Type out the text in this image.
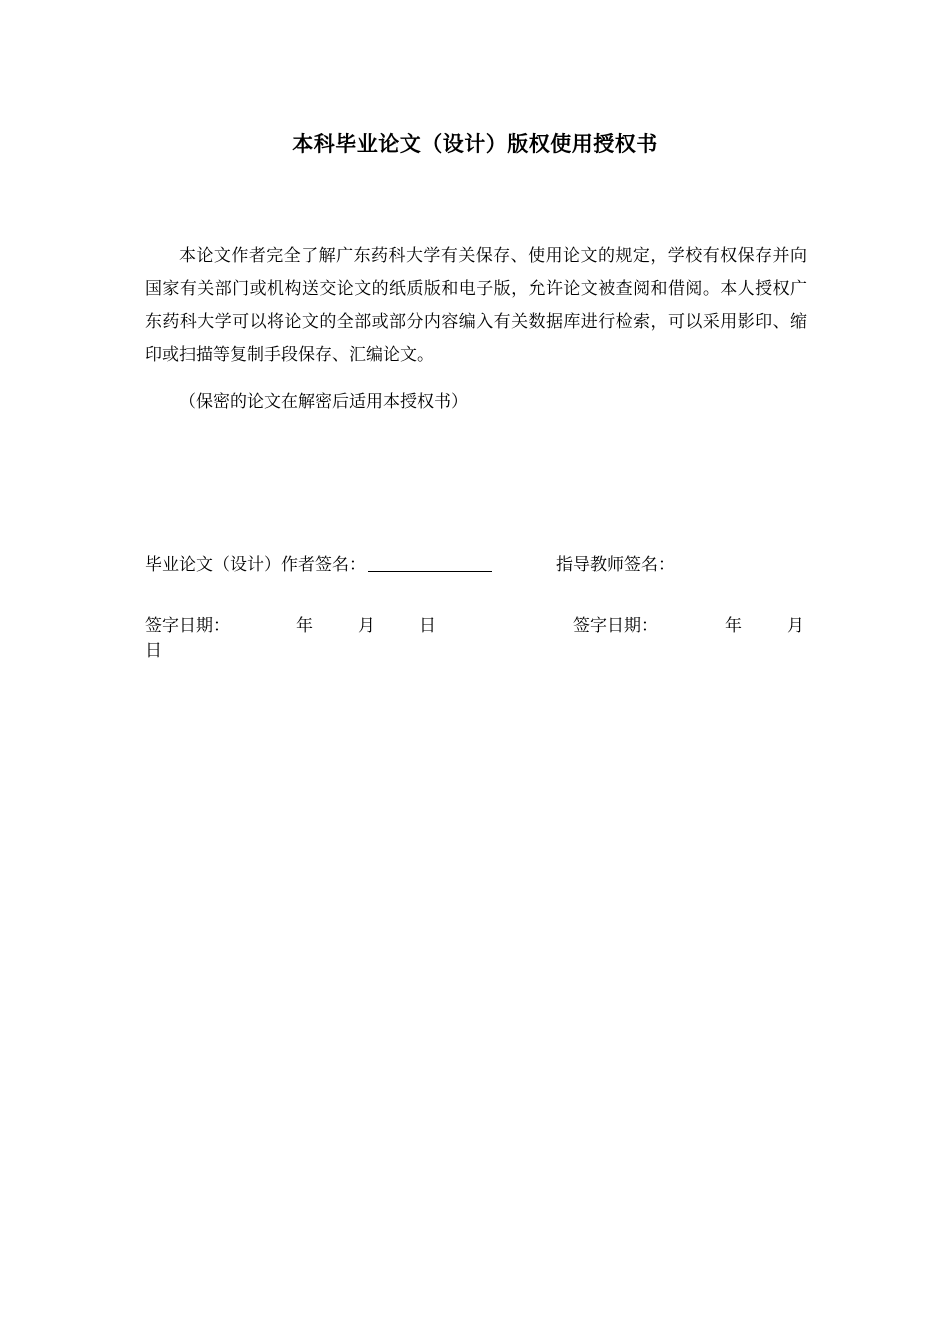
本科毕业论文（设计）版权使用授权书

本论文作者完全了解广东药科大学有关保存、使用论文的规定，学校有权保存并向国家有关部门或机构送交论文的纸质版和电子版，允许论文被查阅和借阅。本人授权广东药科大学可以将论文的全部或部分内容编入有关数据库进行检索，可以采用影印、缩印或扫描等复制手段保存、汇编论文。

（保密的论文在解密后适用本授权书）

毕业论文（设计）作者签名：	指导教师签名：
签字日期：	年	月	日	签字日期：	年	月
日
